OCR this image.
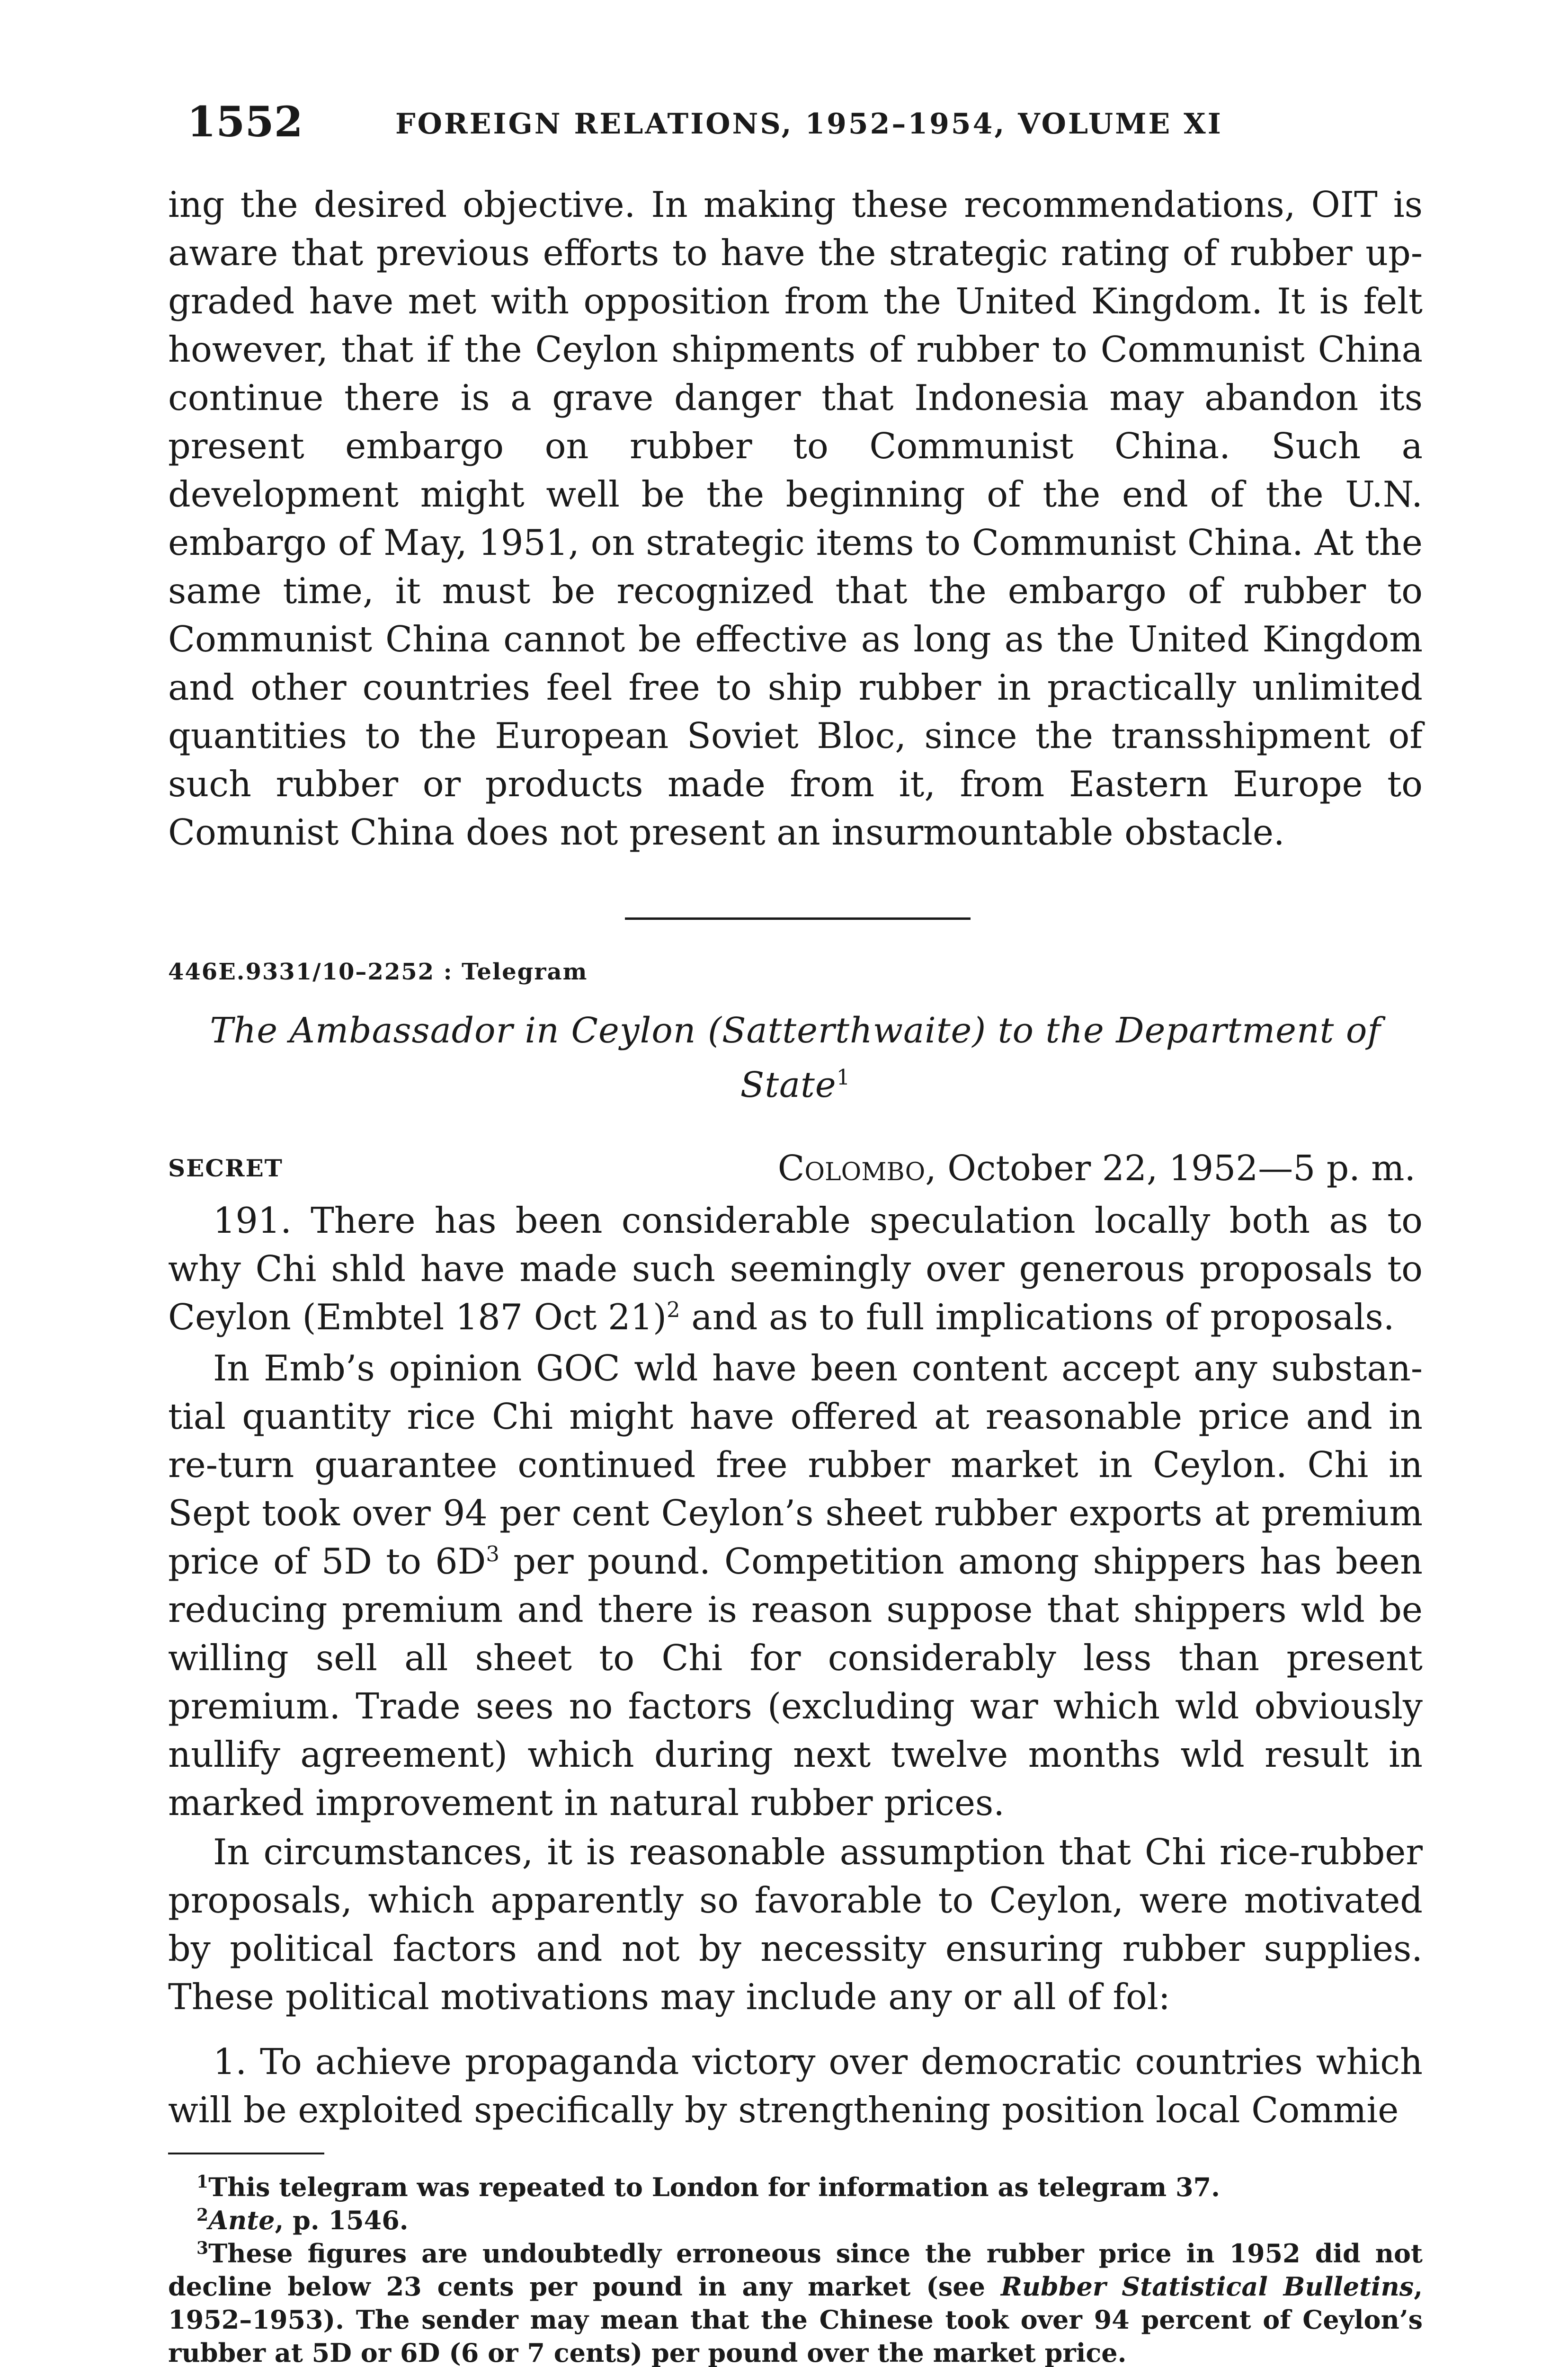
1552	FOREIGN RELATIONS, 1952–1954, VOLUME XI

ing the desired objective. In making these recommendations, OIT is aware that previous efforts to have the strategic rating of rubber up-graded have met with opposition from the United Kingdom. It is felt however, that if the Ceylon shipments of rubber to Communist China continue there is a grave danger that Indonesia may abandon its present embargo on rubber to Communist China. Such a development might well be the beginning of the end of the U.N. embargo of May, 1951, on strategic items to Communist China. At the same time, it must be recognized that the embargo of rubber to Communist China cannot be effective as long as the United Kingdom and other countries feel free to ship rubber in practically unlimited quantities to the European Soviet Bloc, since the transshipment of such rubber or products made from it, from Eastern Europe to Comunist China does not present an insurmountable obstacle.

446E.9331/10–2252 : Telegram
The Ambassador in Ceylon (Satterthwaite) to the Department of State$^1$
SECRET	Colombo, October 22, 1952—5 p. m.

191. There has been considerable speculation locally both as to why Chi shld have made such seemingly over generous proposals to Ceylon (Embtel 187 Oct 21)$^2$ and as to full implications of proposals.

In Emb’s opinion GOC wld have been content accept any substan-tial quantity rice Chi might have offered at reasonable price and in re-turn guarantee continued free rubber market in Ceylon. Chi in Sept took over 94 per cent Ceylon’s sheet rubber exports at premium price of 5D to $6D^3$ per pound. Competition among shippers has been reducing premium and there is reason suppose that shippers wld be willing sell all sheet to Chi for considerably less than present premium. Trade sees no factors (excluding war which wld obviously nullify agreement) which during next twelve months wld result in marked improvement in natural rubber prices.

In circumstances, it is reasonable assumption that Chi rice-rubber proposals, which apparently so favorable to Ceylon, were motivated by political factors and not by necessity ensuring rubber supplies. These political motivations may include any or all of fol:

1. To achieve propaganda victory over democratic countries which will be exploited specifically by strengthening position local Commie

$^1$This telegram was repeated to London for information as telegram 37.

$^2$Ante, p. 1546.

$^3$These figures are undoubtedly erroneous since the rubber price in 1952 did not decline below 23 cents per pound in any market (see Rubber Statistical Bulletins, 1952–1953). The sender may mean that the Chinese took over 94 percent of Ceylon’s rubber at 5D or 6D (6 or 7 cents) per pound over the market price.
